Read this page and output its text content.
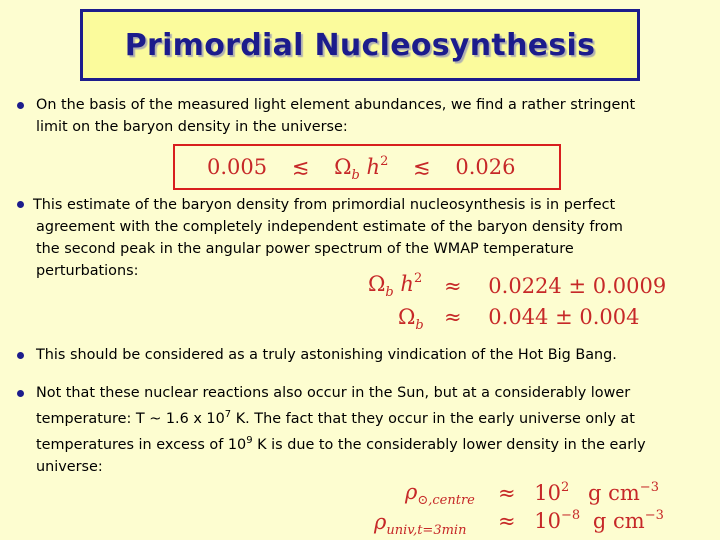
Primordial Nucleosynthesis
On the basis of the measured light element abundances, we find a rather stringent
limit on the baryon density in the universe:
0.005 ≲ $\Omega_b$ $h^2$ ≲ 0.026
This estimate of the baryon density from primordial nucleosynthesis is in perfect
agreement with the completely independent estimate of the baryon density from
the second peak in the angular power spectrum of the WMAP temperature
perturbations:
$\Omega_b$ $h^2 \approx 0.0224 \pm 0.0009$
$\Omega_b \approx 0.044 \pm 0.004$
This should be considered as a truly astonishing vindication of the Hot Big Bang.
Not that these nuclear reactions also occur in the Sun, but at a considerably lower
temperature: T ~ 1.6 x $10^7$ K. The fact that they occur in the early universe only at
temperatures in excess of $10^9$ K is due to the considerably lower density in the early
universe:
$\rho_{⊙,centre} \approx 10^2$ g $cm^{-3}$
$\rho_{univ,t=3min} \approx 10^{-8}$ g $cm^{-3}$
